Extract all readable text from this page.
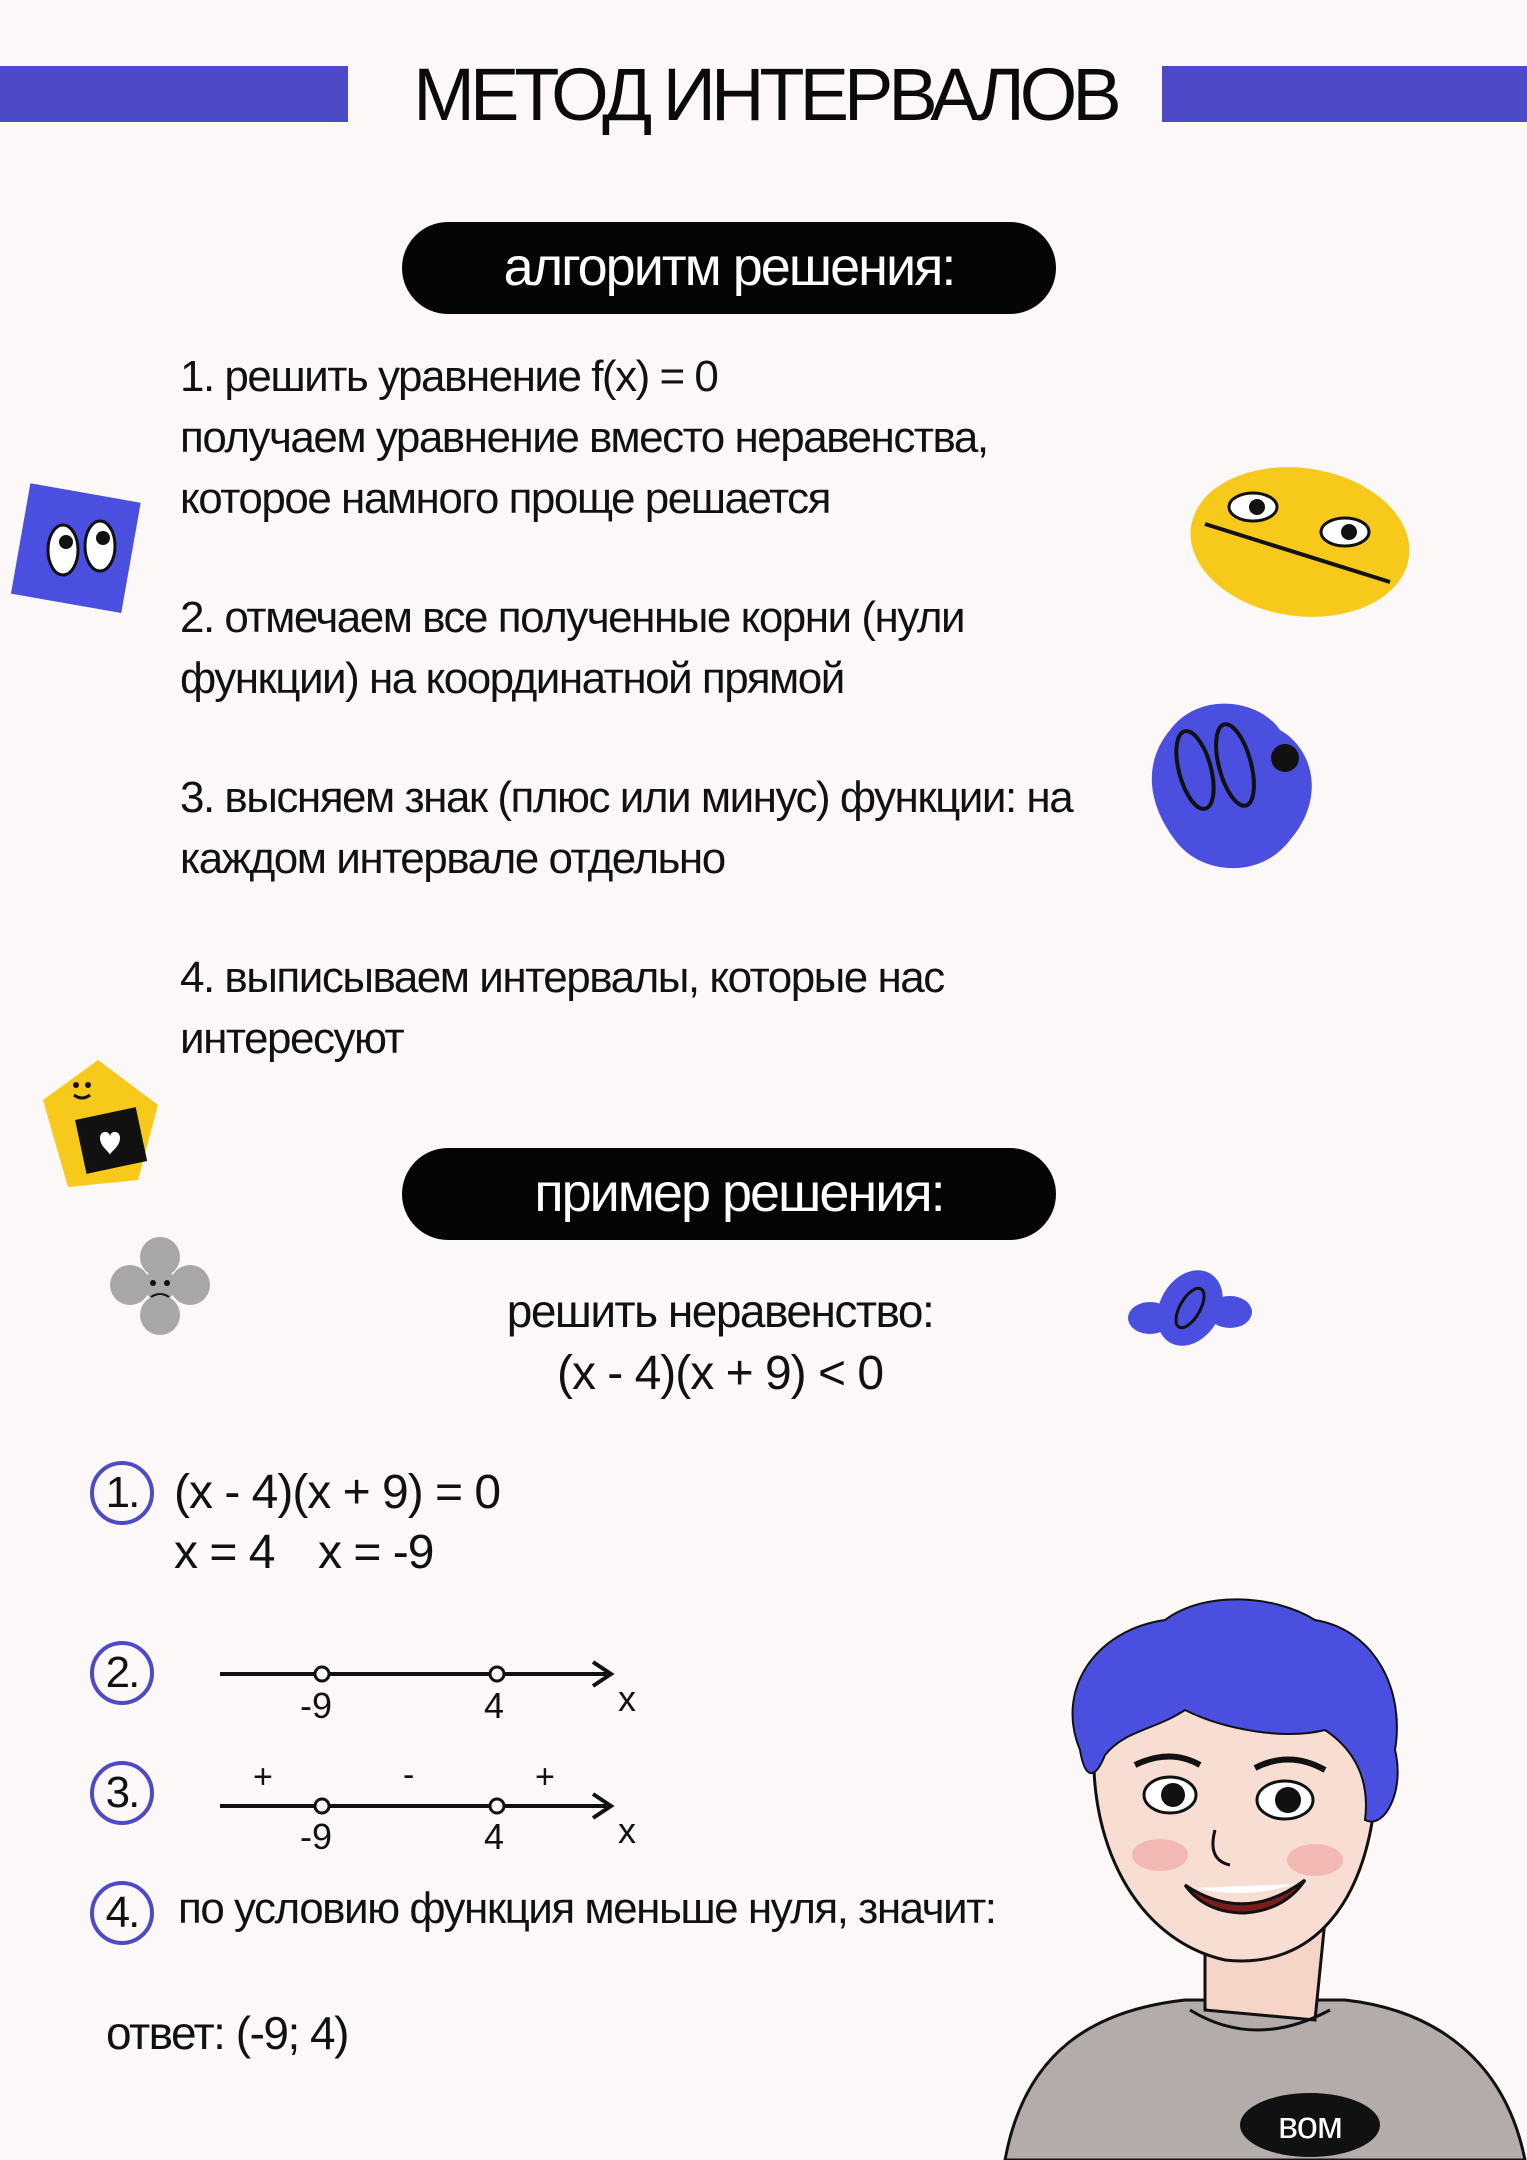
МЕТОД ИНТЕРВАЛОВ
алгоритм решения:
1. решить уравнение f(x) = 0
получаем уравнение вместо неравенства,
которое намного проще решается
2. отмечаем все полученные корни (нули
функции) на координатной прямой
3. высняем знак (плюс или минус) функции: на
каждом интервале отдельно
4. выписываем интервалы, которые нас
интересуют
пример решения:
решить неравенство:
(x - 4)(x + 9) < 0
1. (x - 4)(x + 9) = 0
x = 4 x = -9
2.
-9	4	x
3.	+	-	+
-9	4	x
4. по условию функция меньше нуля, значит:
ответ: (-9; 4)
вом
